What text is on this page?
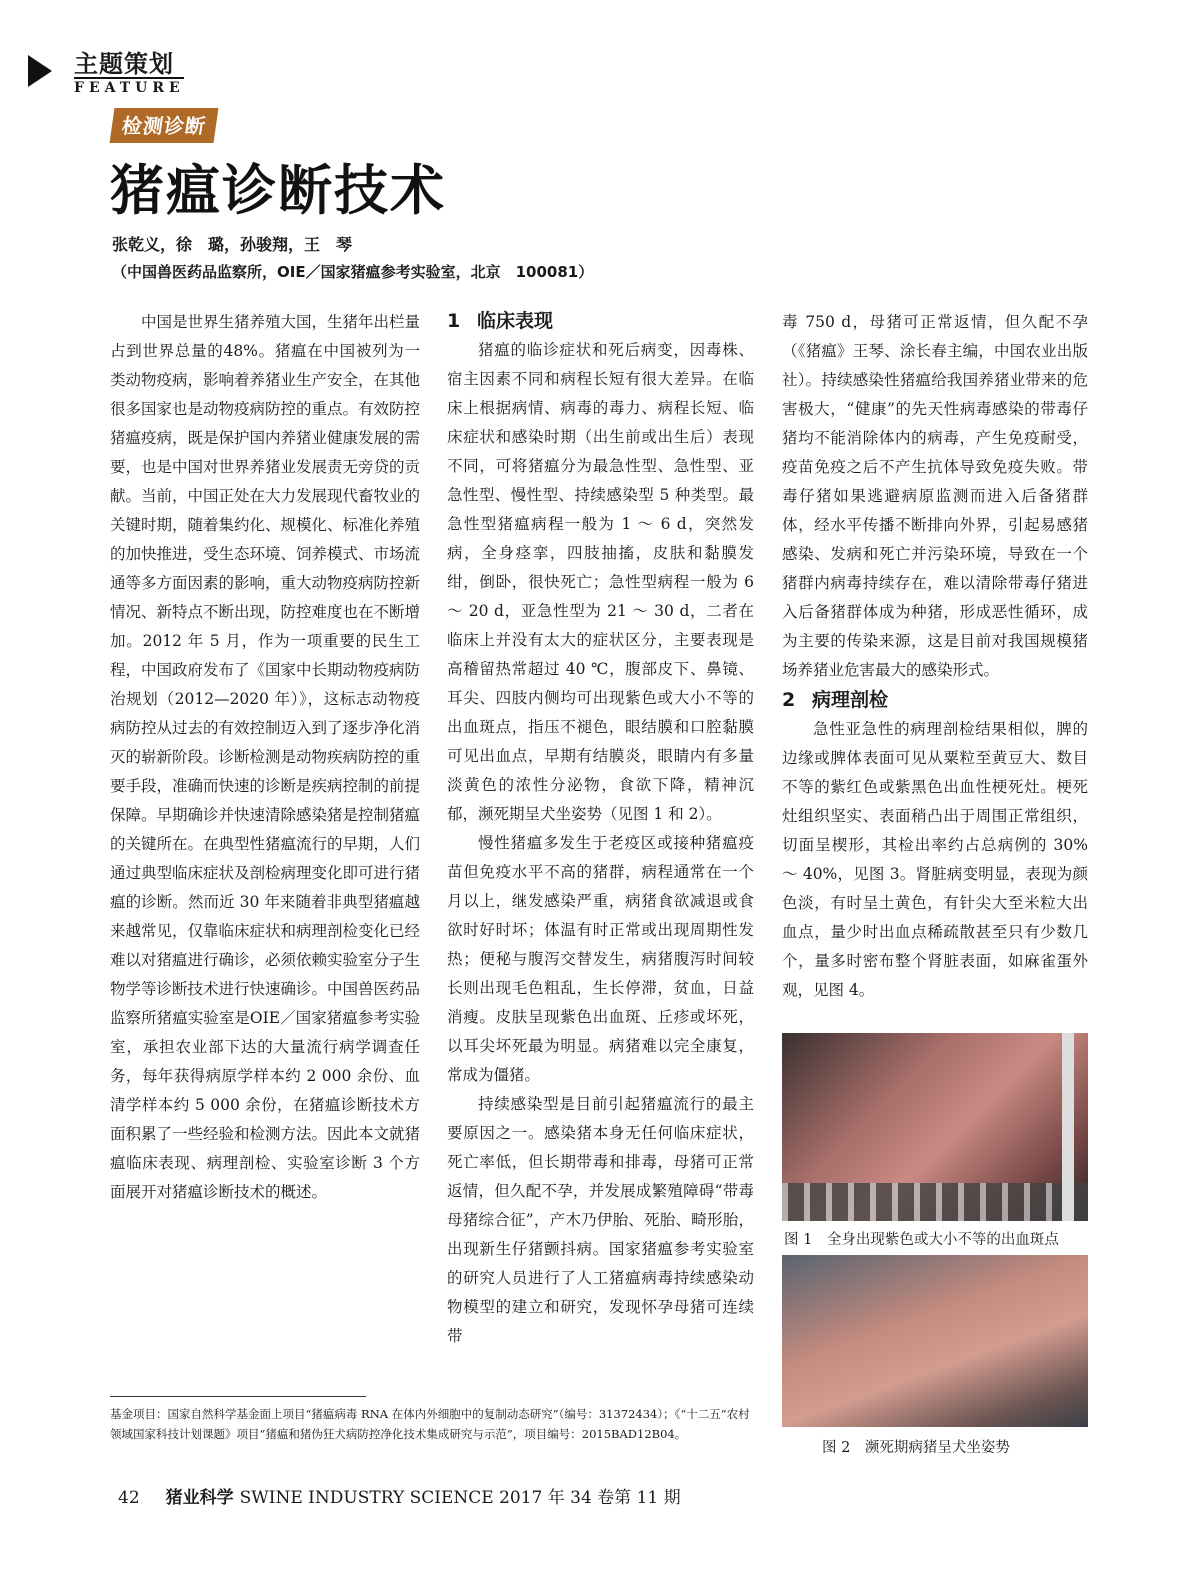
主题策划
FEATURE
检测诊断
猪瘟诊断技术
张乾义，徐　璐，孙骏翔，王　琴
（中国兽医药品监察所，OIE／国家猪瘟参考实验室，北京　100081）

中国是世界生猪养殖大国，生猪年出栏量占到世界总量的48%。猪瘟在中国被列为一类动物疫病，影响着养猪业生产安全，在其他很多国家也是动物疫病防控的重点。有效防控猪瘟疫病，既是保护国内养猪业健康发展的需要，也是中国对世界养猪业发展责无旁贷的贡献。当前，中国正处在大力发展现代畜牧业的关键时期，随着集约化、规模化、标准化养殖的加快推进，受生态环境、饲养模式、市场流通等多方面因素的影响，重大动物疫病防控新情况、新特点不断出现，防控难度也在不断增加。2012 年 5 月，作为一项重要的民生工程，中国政府发布了《国家中长期动物疫病防治规划（2012—2020 年）》，这标志动物疫病防控从过去的有效控制迈入到了逐步净化消灭的崭新阶段。诊断检测是动物疾病防控的重要手段，准确而快速的诊断是疾病控制的前提保障。早期确诊并快速清除感染猪是控制猪瘟的关键所在。在典型性猪瘟流行的早期，人们通过典型临床症状及剖检病理变化即可进行猪瘟的诊断。然而近 30 年来随着非典型猪瘟越来越常见，仅靠临床症状和病理剖检变化已经难以对猪瘟进行确诊，必须依赖实验室分子生物学等诊断技术进行快速确诊。中国兽医药品监察所猪瘟实验室是OIE／国家猪瘟参考实验室，承担农业部下达的大量流行病学调查任务，每年获得病原学样本约 2 000 余份、血清学样本约 5 000 余份，在猪瘟诊断技术方面积累了一些经验和检测方法。因此本文就猪瘟临床表现、病理剖检、实验室诊断 3 个方面展开对猪瘟诊断技术的概述。

1 临床表现

猪瘟的临诊症状和死后病变，因毒株、宿主因素不同和病程长短有很大差异。在临床上根据病情、病毒的毒力、病程长短、临床症状和感染时期（出生前或出生后）表现不同，可将猪瘟分为最急性型、急性型、亚急性型、慢性型、持续感染型 5 种类型。最急性型猪瘟病程一般为 1 ～ 6 d，突然发病，全身痉挛，四肢抽搐，皮肤和黏膜发绀，倒卧，很快死亡；急性型病程一般为 6 ～ 20 d，亚急性型为 21 ～ 30 d，二者在临床上并没有太大的症状区分，主要表现是高稽留热常超过 40 ℃，腹部皮下、鼻镜、耳尖、四肢内侧均可出现紫色或大小不等的出血斑点，指压不褪色，眼结膜和口腔黏膜可见出血点，早期有结膜炎，眼睛内有多量淡黄色的浓性分泌物，食欲下降，精神沉郁，濒死期呈犬坐姿势（见图 1 和 2）。

慢性猪瘟多发生于老疫区或接种猪瘟疫苗但免疫水平不高的猪群，病程通常在一个月以上，继发感染严重，病猪食欲减退或食欲时好时坏；体温有时正常或出现周期性发热；便秘与腹泻交替发生，病猪腹泻时间较长则出现毛色粗乱，生长停滞，贫血，日益消瘦。皮肤呈现紫色出血斑、丘疹或坏死，以耳尖坏死最为明显。病猪难以完全康复，常成为僵猪。

持续感染型是目前引起猪瘟流行的最主要原因之一。感染猪本身无任何临床症状，死亡率低，但长期带毒和排毒，母猪可正常返情，但久配不孕，并发展成繁殖障碍“带毒母猪综合征”，产木乃伊胎、死胎、畸形胎，出现新生仔猪颤抖病。国家猪瘟参考实验室的研究人员进行了人工猪瘟病毒持续感染动物模型的建立和研究，发现怀孕母猪可连续带

毒 750 d，母猪可正常返情，但久配不孕（《猪瘟》王琴、涂长春主编，中国农业出版社）。持续感染性猪瘟给我国养猪业带来的危害极大，“健康”的先天性病毒感染的带毒仔猪均不能消除体内的病毒，产生免疫耐受，疫苗免疫之后不产生抗体导致免疫失败。带毒仔猪如果逃避病原监测而进入后备猪群体，经水平传播不断排向外界，引起易感猪感染、发病和死亡并污染环境，导致在一个猪群内病毒持续存在，难以清除带毒仔猪进入后备猪群体成为种猪，形成恶性循环，成为主要的传染来源，这是目前对我国规模猪场养猪业危害最大的感染形式。

2 病理剖检

急性亚急性的病理剖检结果相似，脾的边缘或脾体表面可见从粟粒至黄豆大、数目不等的紫红色或紫黑色出血性梗死灶。梗死灶组织坚实、表面稍凸出于周围正常组织，切面呈楔形，其检出率约占总病例的 30% ～ 40%，见图 3。肾脏病变明显，表现为颜色淡，有时呈土黄色，有针尖大至米粒大出血点，量少时出血点稀疏散甚至只有少数几个，量多时密布整个肾脏表面，如麻雀蛋外观，见图 4。

图 1　全身出现紫色或大小不等的出血斑点
图 2　濒死期病猪呈犬坐姿势
基金项目：国家自然科学基金面上项目“猪瘟病毒 RNA 在体内外细胞中的复制动态研究”（编号：31372434）；《“十二五”农村领域国家科技计划课题》项目“猪瘟和猪伪狂犬病防控净化技术集成研究与示范”，项目编号：2015BAD12B04。
42 猪业科学 SWINE INDUSTRY SCIENCE 2017 年 34 卷第 11 期
